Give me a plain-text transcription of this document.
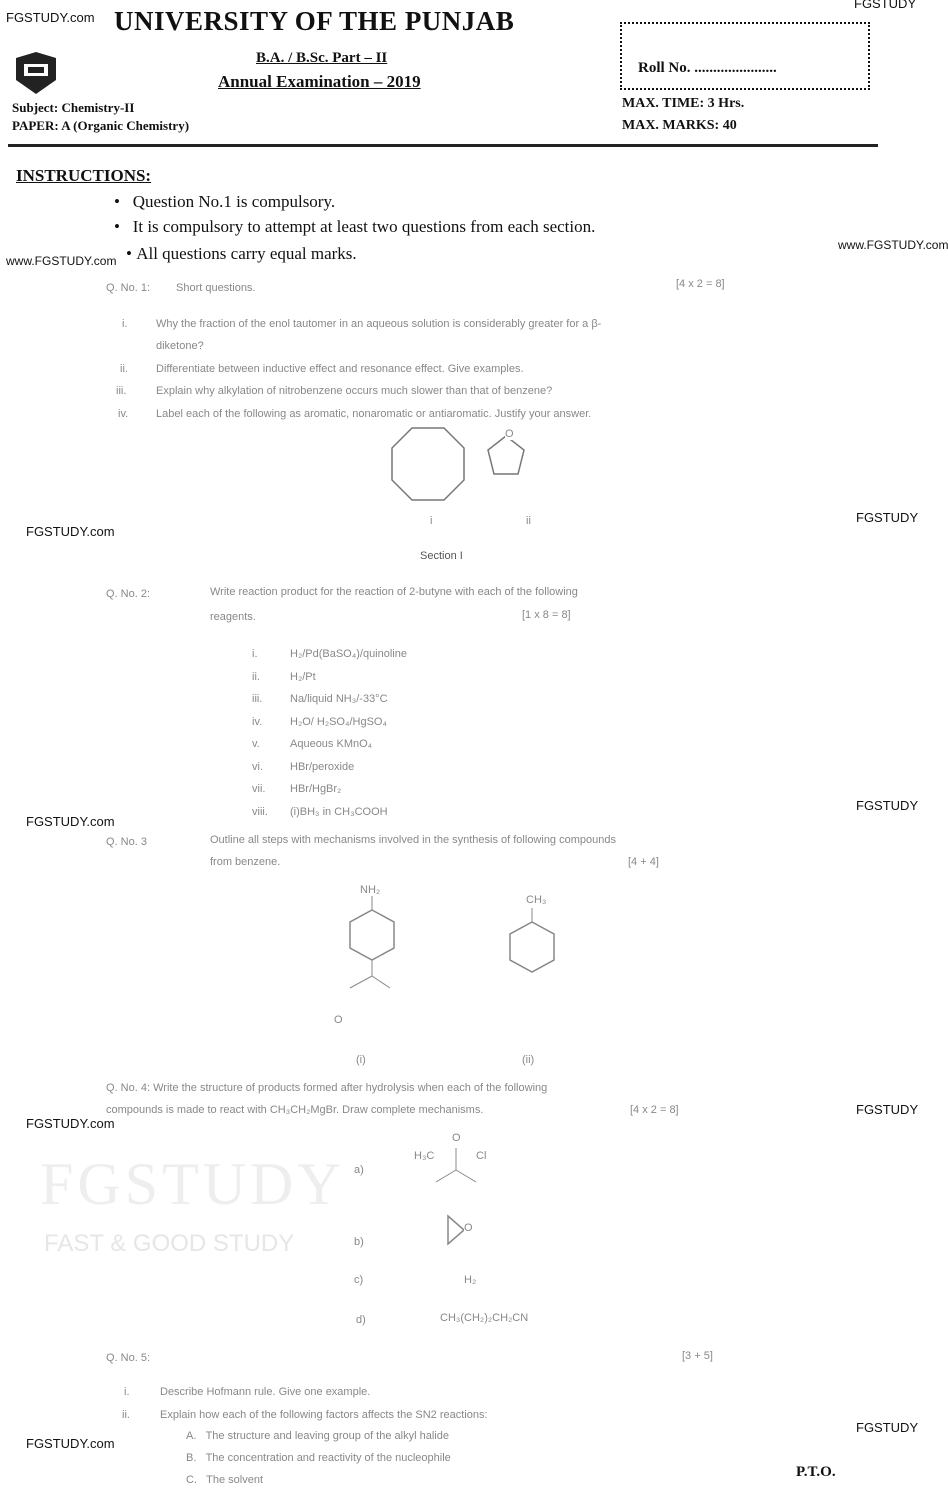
FGSTUDY
FAST & GOOD STUDY
FGSTUDY.com
FGSTUDY
www.FGSTUDY.com
www.FGSTUDY.com
FGSTUDY.com
FGSTUDY
FGSTUDY.com
FGSTUDY
FGSTUDY.com
FGSTUDY
FGSTUDY.com
FGSTUDY
UNIVERSITY OF THE PUNJAB
B.A. / B.Sc. Part – II
Annual Examination – 2019
Roll No. ......................
Subject: Chemistry-II
PAPER: A (Organic Chemistry)
MAX. TIME: 3 Hrs.
MAX. MARKS: 40
INSTRUCTIONS:
•   Question No.1 is compulsory.
•   It is compulsory to attempt at least two questions from each section.
• All questions carry equal marks.
Q. No. 1: Short questions.	[4 x 2 = 8]
i.	Why the fraction of the enol tautomer in an aqueous solution is considerably greater for a β-
diketone?
ii.	Differentiate between inductive effect and resonance effect. Give examples.
iii.	Explain why alkylation of nitrobenzene occurs much slower than that of benzene?
iv.	Label each of the following as aromatic, nonaromatic or antiaromatic. Justify your answer.
O
i	ii
Section I
Q. No. 2:	Write reaction product for the reaction of 2-butyne with each of the following
reagents.	[1 x 8 = 8]
i.	H₂/Pd(BaSO₄)/quinoline
ii.	H₂/Pt
iii.	Na/liquid NH₃/-33°C
iv.	H₂O/ H₂SO₄/HgSO₄
v.	Aqueous KMnO₄
vi. HBr/peroxide
vii. HBr/HgBr₂
viii. (i)BH₃ in CH₃COOH
Q. No. 3	Outline all steps with mechanisms involved in the synthesis of following compounds
from benzene.	[4 + 4]
NH₂
O
CH₃
(i)	(ii)
Q. No. 4: Write the structure of products formed after hydrolysis when each of the following
compounds is made to react with CH₃CH₂MgBr. Draw complete mechanisms.	[4 x 2 = 8]
O
H₃C	Cl
O
a)
b)
c)	H₂
d)	CH₃(CH₂)₂CH₂CN
Q. No. 5:	[3 + 5]
i.	Describe Hofmann rule. Give one example.
ii.	Explain how each of the following factors affects the SN2 reactions:
A. The structure and leaving group of the alkyl halide
B. The concentration and reactivity of the nucleophile
C. The solvent	P.T.O.
